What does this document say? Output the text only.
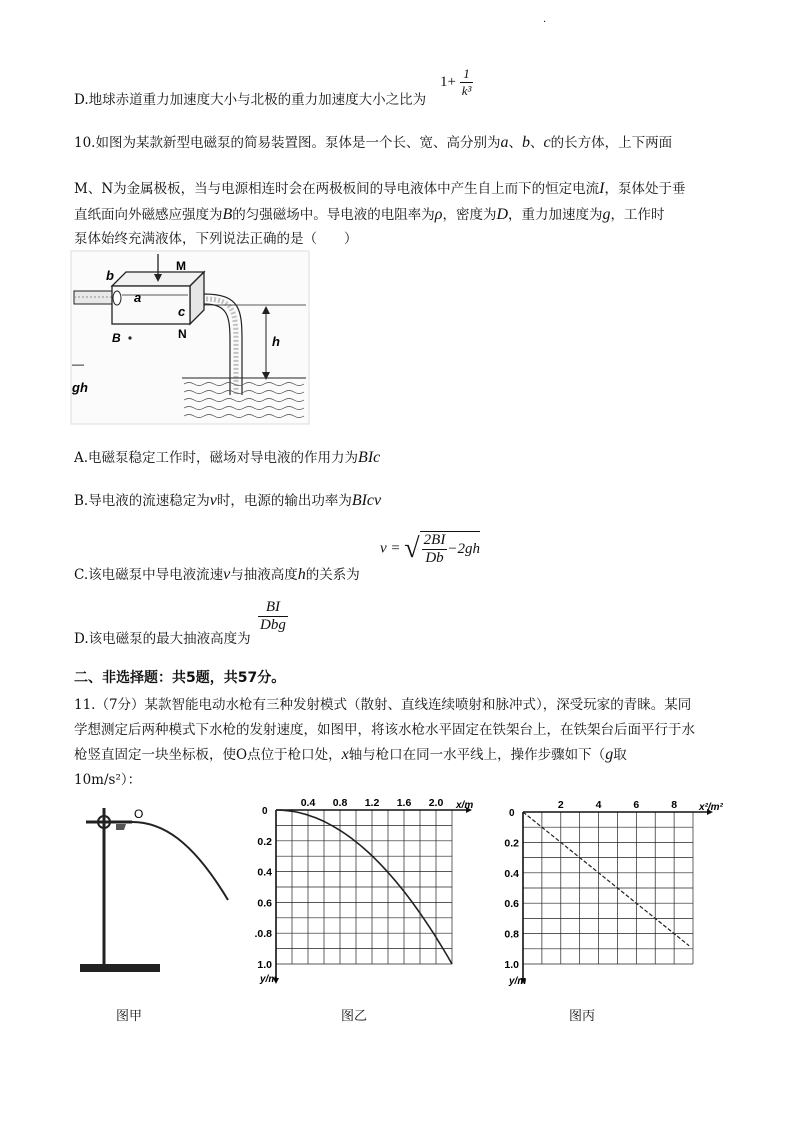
.
D.地球赤道重力加速度大小与北极的重力加速度大小之比为
$1+ \frac{1}{\text{k³}}$
10.如图为某款新型电磁泵的简易装置图。泵体是一个长、宽、高分别为a、b、c的长方体，上下两面
M、N为金属极板，当与电源相连时会在两极板间的导电液体中产生自上而下的恒定电流I，泵体处于垂
直纸面向外磁感应强度为B的匀强磁场中。导电液的电阻率为ρ，密度为D，重力加速度为g，工作时
泵体始终充满液体，下列说法正确的是（　　）
b
a
M
c
N
B	h
—
gh
A.电磁泵稳定工作时，磁场对导电液的作用力为BIc
B.导电液的流速稳定为v时，电源的输出功率为BIcv
C.该电磁泵中导电液流速v与抽液高度h的关系为
v = √ $\frac{2BI}{Db} -2gh$
D.该电磁泵的最大抽液高度为
$\frac{BI}{\text{Dbg}}$
二、非选择题：共5题，共57分。
11.（7分）某款智能电动水枪有三种发射模式（散射、直线连续喷射和脉冲式），深受玩家的青睐。某同
学想测定后两种模式下水枪的发射速度，如图甲，将该水枪水平固定在铁架台上，在铁架台后面平行于水
枪竖直固定一块坐标板，使O点位于枪口处，x轴与枪口在同一水平线上，操作步骤如下（g取
10m/s²）：
O
图甲
0.4 0.8 1.2 1.6 2.0
0.2
0.4
0.6
.0.8
1.0
0
x/m
y/m
图乙
2	4	6	8
0.2
0.4
0.6
0.8
1.0
0
x²/m²
y/m
图丙
